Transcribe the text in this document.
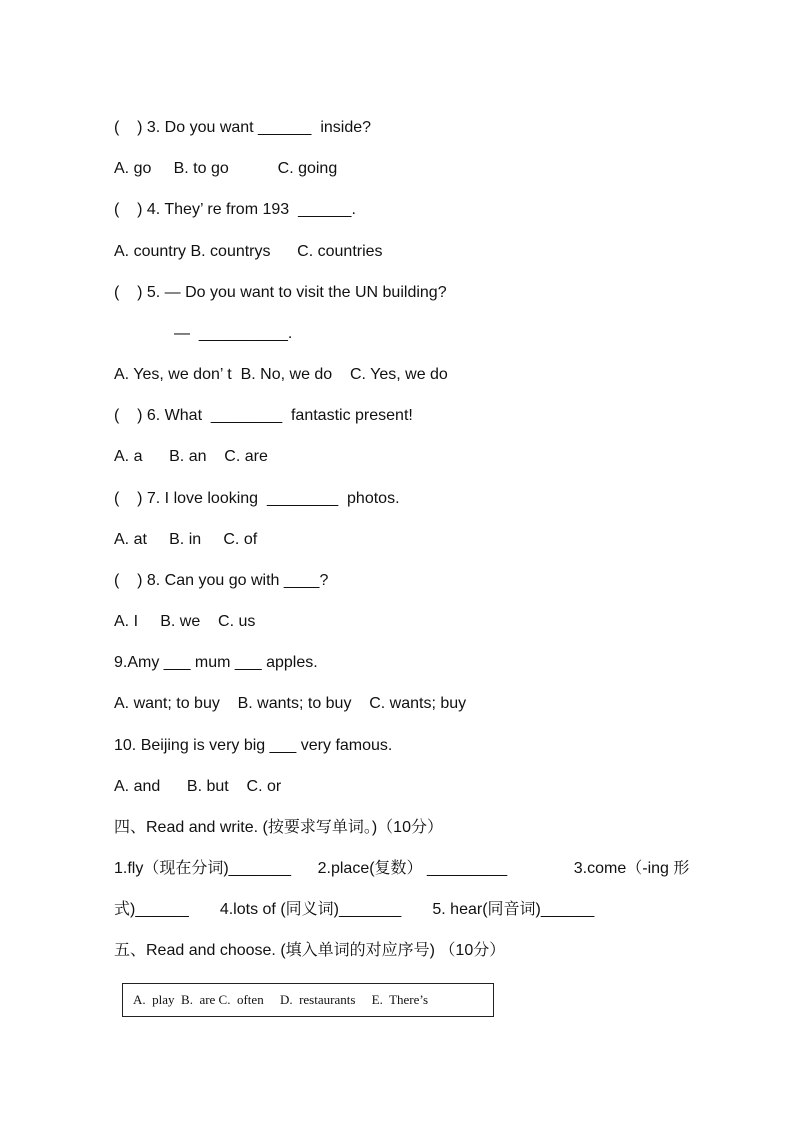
(    ) 3. Do you want ______  inside?
A. go     B. to go           C. going
(    ) 4. They’ re from 193  ______.
A. country B. countrys      C. countries
(    ) 5. — Do you want to visit the UN building?
—  __________.
A. Yes, we don’ t  B. No, we do    C. Yes, we do
(    ) 6. What  ________  fantastic present!
A. a      B. an    C. are
(    ) 7. I love looking  ________  photos.
A. at     B. in     C. of
(    ) 8. Can you go with ____?
A. I     B. we    C. us
9.Amy ___ mum ___ apples.
A. want; to buy    B. wants; to buy    C. wants; buy
10. Beijing is very big ___ very famous.
A. and      B. but    C. or
四、Read and write. (按要求写单词。)（10分）
1.fly（现在分词)_______      2.place(复数） _________               3.come（-ing 形
式)______       4.lots of (同义词)_______       5. hear(同音词)______
五、Read and choose. (填入单词的对应序号) （10分）
A.  play  B.  are C.  often     D.  restaurants     E.  There’s
